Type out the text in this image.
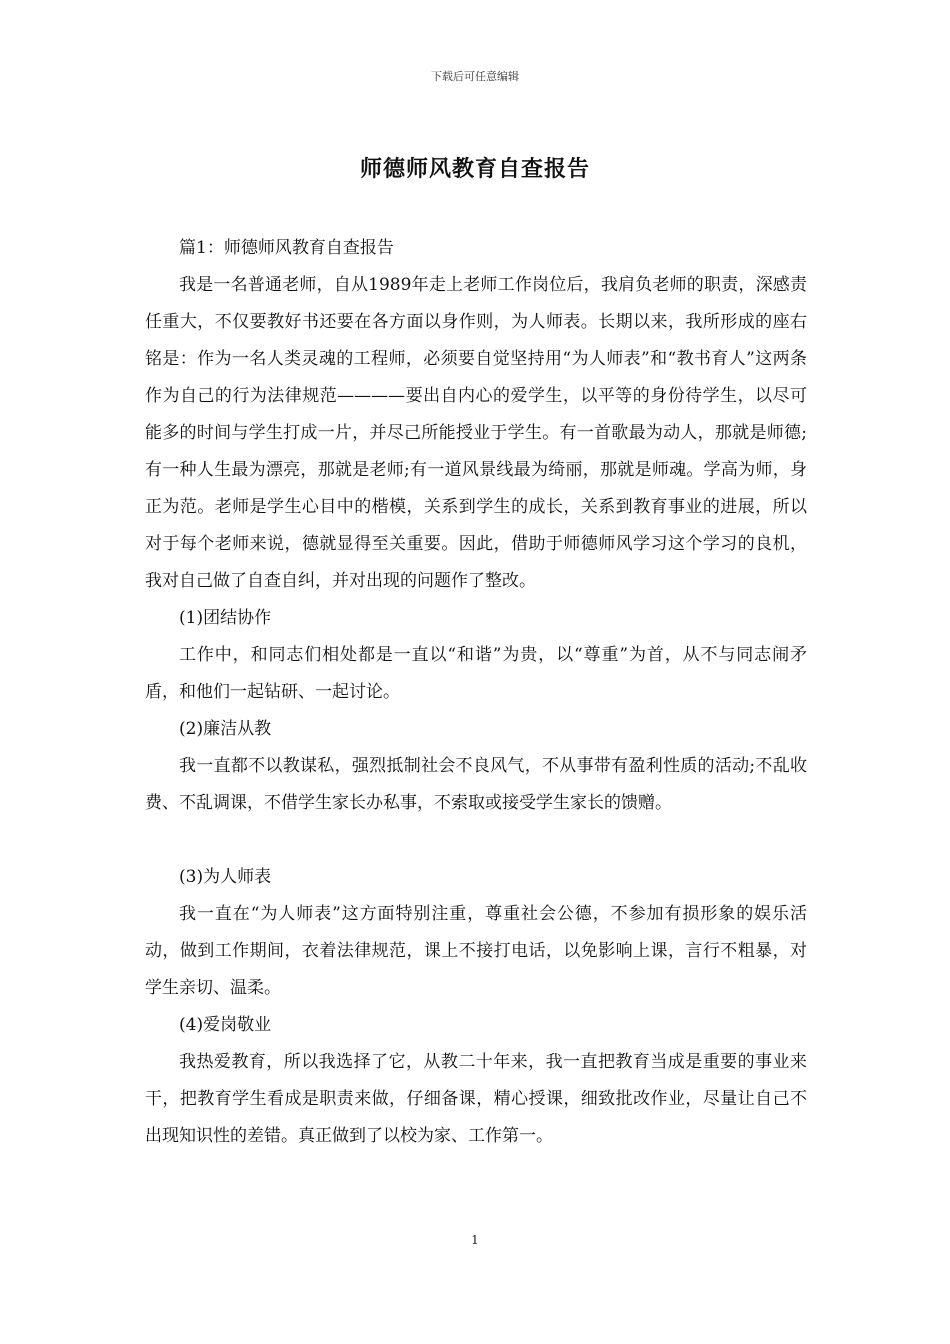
下载后可任意编辑
师德师风教育自查报告

篇1：师德师风教育自查报告

我是一名普通老师，自从1989年走上老师工作岗位后，我肩负老师的职责，深感责任重大，不仅要教好书还要在各方面以身作则，为人师表。长期以来，我所形成的座右铭是：作为一名人类灵魂的工程师，必须要自觉坚持用“为人师表”和“教书育人”这两条作为自己的行为法律规范————要出自内心的爱学生，以平等的身份待学生，以尽可能多的时间与学生打成一片，并尽己所能授业于学生。有一首歌最为动人，那就是师德;有一种人生最为漂亮，那就是老师;有一道风景线最为绮丽，那就是师魂。学高为师，身正为范。老师是学生心目中的楷模，关系到学生的成长，关系到教育事业的进展，所以对于每个老师来说，德就显得至关重要。因此，借助于师德师风学习这个学习的良机，我对自己做了自查自纠，并对出现的问题作了整改。

(1)团结协作

工作中，和同志们相处都是一直以“和谐”为贵，以“尊重”为首，从不与同志闹矛盾，和他们一起钻研、一起讨论。

(2)廉洁从教

我一直都不以教谋私，强烈抵制社会不良风气，不从事带有盈利性质的活动;不乱收费、不乱调课，不借学生家长办私事，不索取或接受学生家长的馈赠。

(3)为人师表

我一直在“为人师表”这方面特别注重，尊重社会公德，不参加有损形象的娱乐活动，做到工作期间，衣着法律规范，课上不接打电话，以免影响上课，言行不粗暴，对学生亲切、温柔。

(4)爱岗敬业

我热爱教育，所以我选择了它，从教二十年来，我一直把教育当成是重要的事业来干，把教育学生看成是职责来做，仔细备课，精心授课，细致批改作业，尽量让自己不出现知识性的差错。真正做到了以校为家、工作第一。

1
